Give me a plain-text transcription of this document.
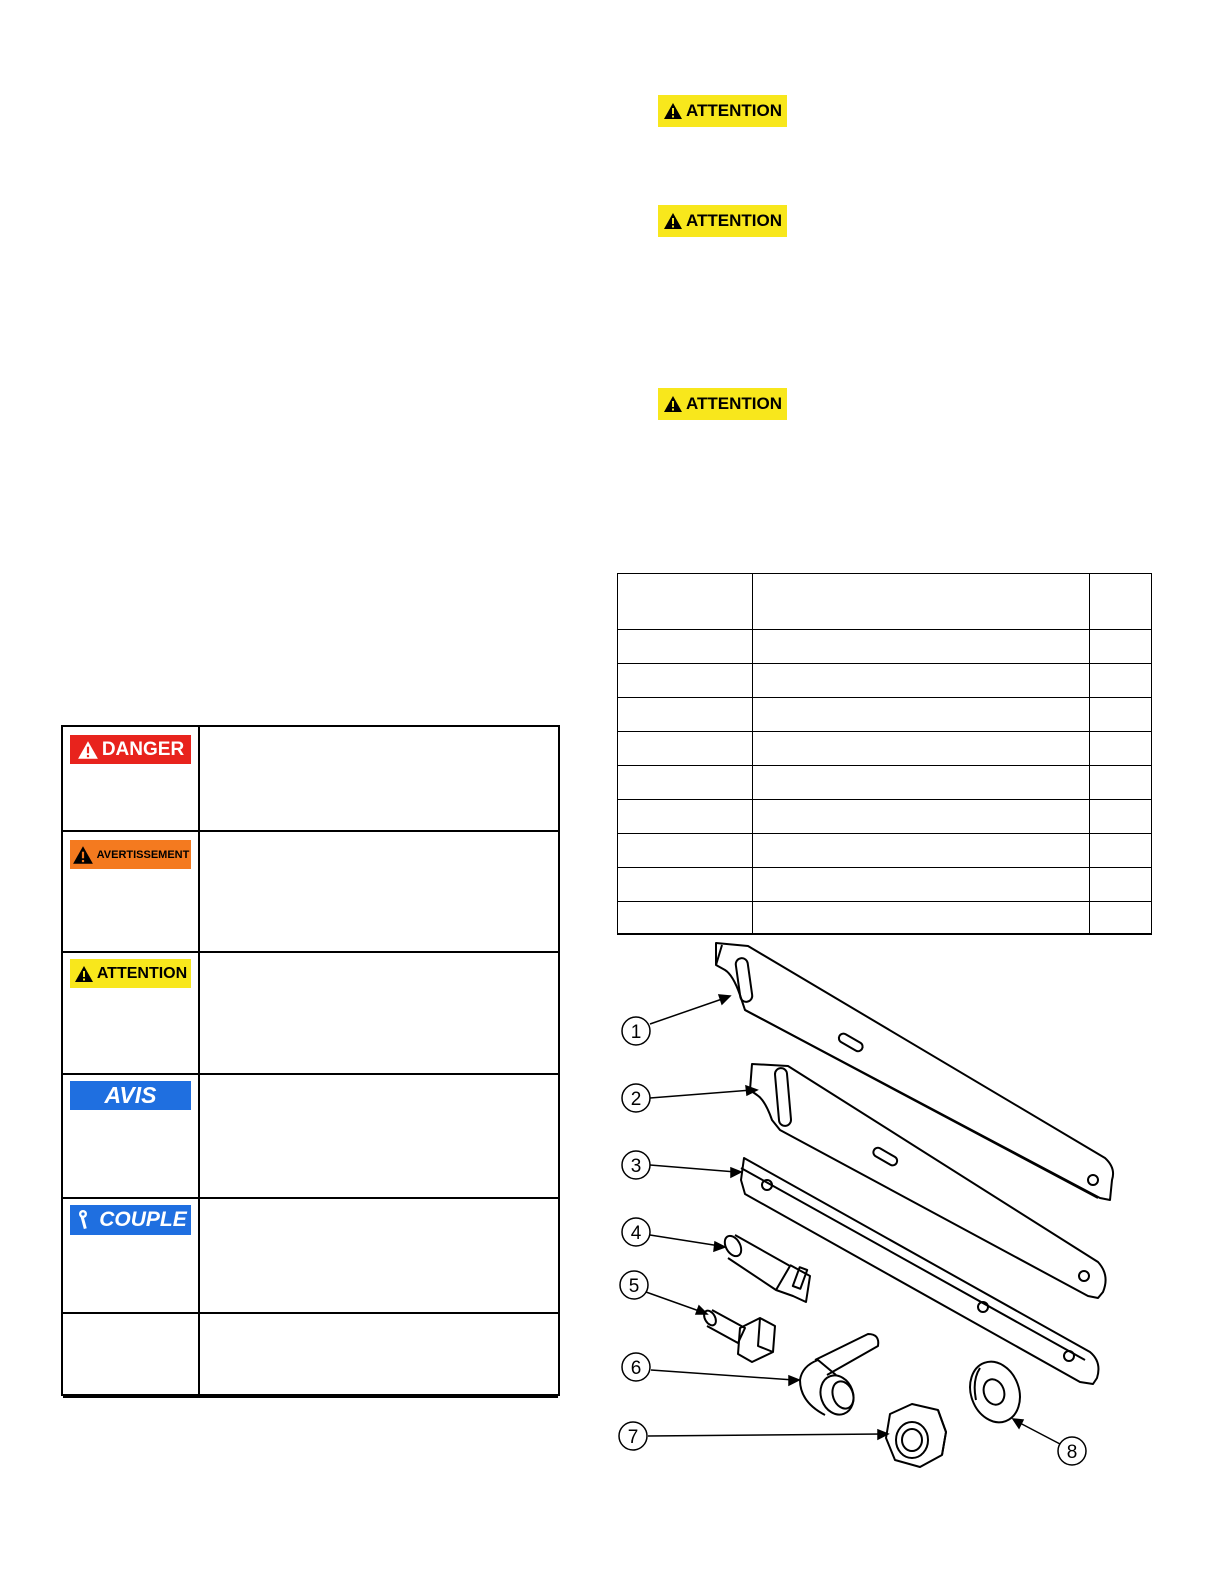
ATTENTION
ATTENTION
ATTENTION
DANGER
AVERTISSEMENT
ATTENTION
AVIS
COUPLE
1
2
3
4
5
6
7
8
